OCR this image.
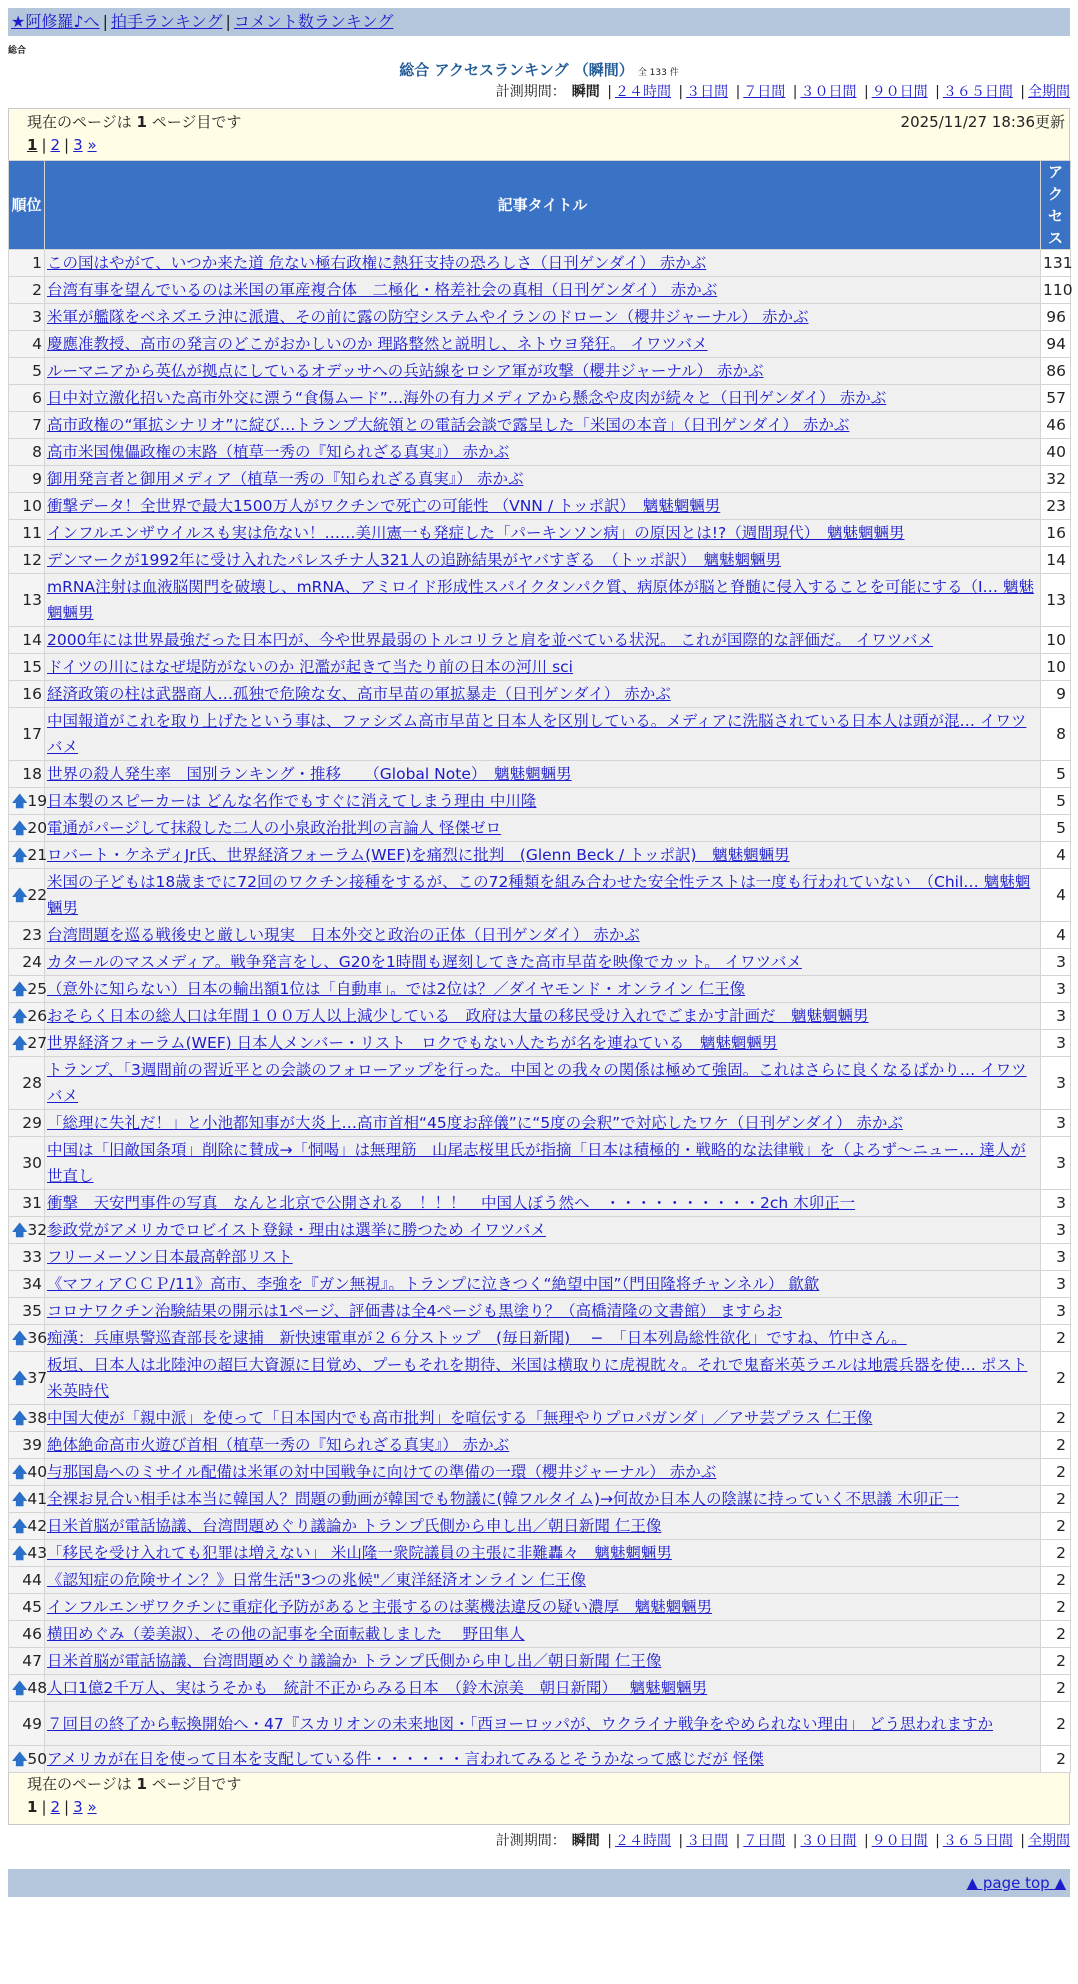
★阿修羅♪へ | 拍手ランキング | コメント数ランキング
総合
総合 アクセスランキング （瞬間） 全 133 件
計測期間： 瞬間 | ２４時間 | ３日間 | ７日間 | ３０日間 | ９０日間 | ３６５日間 | 全期間
現在のページは 1 ページ目です	2025/11/27 18:36更新
1 | 2 | 3 »
順位	記事タイトル	アクセス
1	この国はやがて、いつか来た道 危ない極右政権に熱狂支持の恐ろしさ（日刊ゲンダイ） 赤かぶ	131
2	台湾有事を望んでいるのは米国の軍産複合体　二極化・格差社会の真相（日刊ゲンダイ） 赤かぶ	110
3	米軍が艦隊をベネズエラ沖に派遣、その前に露の防空システムやイランのドローン（櫻井ジャーナル） 赤かぶ	96
4	慶應准教授、高市の発言のどこがおかしいのか 理路整然と説明し、ネトウヨ発狂。 イワツバメ	94
5	ルーマニアから英仏が拠点にしているオデッサへの兵站線をロシア軍が攻撃（櫻井ジャーナル） 赤かぶ	86
6	日中対立激化招いた高市外交に漂う“食傷ムード”…海外の有力メディアから懸念や皮肉が続々と（日刊ゲンダイ） 赤かぶ	57
7	高市政権の“軍拡シナリオ”に綻び…トランプ大統領との電話会談で露呈した「米国の本音」（日刊ゲンダイ） 赤かぶ	46
8	高市米国傀儡政権の末路（植草一秀の『知られざる真実』） 赤かぶ	40
9	御用発言者と御用メディア（植草一秀の『知られざる真実』） 赤かぶ	32
10	衝撃データ！全世界で最大1500万人がワクチンで死亡の可能性 （VNN / トッポ訳）　魑魅魍魎男	23
11	インフルエンザウイルスも実は危ない！……美川憲一も発症した「パーキンソン病」の原因とは!?（週間現代）　魑魅魍魎男	16
12	デンマークが1992年に受け入れたパレスチナ人321人の追跡結果がヤバすぎる　（トッポ訳）　魑魅魍魎男	14
13	mRNA注射は血液脳関門を破壊し、mRNA、アミロイド形成性スパイクタンパク質、病原体が脳と脊髄に侵入することを可能にする（I… 魑魅魍魎男	13
14	2000年には世界最強だった日本円が、今や世界最弱のトルコリラと肩を並べている状況。 これが国際的な評価だ。 イワツバメ	10
15	ドイツの川にはなぜ堤防がないのか 氾濫が起きて当たり前の日本の河川 sci	10
16	経済政策の柱は武器商人…孤独で危険な女、高市早苗の軍拡暴走（日刊ゲンダイ） 赤かぶ	9
17	中国報道がこれを取り上げたという事は、ファシズム高市早苗と日本人を区別している。メディアに洗脳されている日本人は頭が混… イワツバメ	8
18	世界の殺人発生率　国別ランキング・推移　　（Global Note）　魑魅魍魎男	5

🡅 19	日本製のスピーカーは どんな名作でもすぐに消えてしまう理由 中川隆	5

🡅 20	電通がパージして抹殺した二人の小泉政治批判の言論人 怪傑ゼロ	5

🡅 21	ロバート・ケネディJr氏、世界経済フォーラム(WEF)を痛烈に批判　(Glenn Beck / トッポ訳)　魑魅魍魎男	4

🡅 22	米国の子どもは18歳までに72回のワクチン接種をするが、この72種類を組み合わせた安全性テストは一度も行われていない　（Chil… 魑魅魍魎男	4
23	台湾問題を巡る戦後史と厳しい現実　日本外交と政治の正体（日刊ゲンダイ） 赤かぶ	4
24	カタールのマスメディア。戦争発言をし、G20を1時間も遅刻してきた高市早苗を映像でカット。 イワツバメ	3

🡅 25	（意外に知らない）日本の輸出額1位は「自動車」。では2位は？／ダイヤモンド・オンライン 仁王像	3

🡅 26	おそらく日本の総人口は年間１００万人以上減少している　政府は大量の移民受け入れでごまかす計画だ　魑魅魍魎男	3

🡅 27	世界経済フォーラム(WEF) 日本人メンバー・リスト　ロクでもない人たちが名を連ねている　魑魅魍魎男	3
28	トランプ、「3週間前の習近平との会談のフォローアップを行った。中国との我々の関係は極めて強固。これはさらに良くなるばかり… イワツバメ	3
29	「総理に失礼だ！」と小池都知事が大炎上…高市首相“45度お辞儀”に“5度の会釈”で対応したワケ（日刊ゲンダイ） 赤かぶ	3
30	中国は「旧敵国条項」削除に賛成→「恫喝」は無理筋　山尾志桜里氏が指摘「日本は積極的・戦略的な法律戦」を（よろず〜ニュー… 達人が世直し	3
31	衝撃　天安門事件の写真　なんと北京で公開される　！！！　中国人ぼう然へ　・・・・・・・・・・2ch 木卯正一	3

🡅 32	参政党がアメリカでロビイスト登録・理由は選挙に勝つため イワツバメ	3
33	フリーメーソン日本最高幹部リスト	3
34	《マフィアＣＣＰ/11》高市、李強を『ガン無視』。トランプに泣きつく“絶望中国”（門田隆将チャンネル） 歙歙	3
35	コロナワクチン治験結果の開示は1ページ、評価書は全4ページも黒塗り？（高橋清隆の文書館） ますらお	3

🡅 36	痴漢：兵庫県警巡査部長を逮捕　新快速電車が２６分ストップ　(毎日新聞)　 −　「日本列島総性欲化」ですね、竹中さん。	2

🡅 37	板垣、日本人は北陸沖の超巨大資源に目覚め、プーもそれを期待、米国は横取りに虎視眈々。それで鬼畜米英ラエルは地震兵器を使… ポスト米英時代	2

🡅 38	中国大使が「親中派」を使って「日本国内でも高市批判」を喧伝する「無理やりプロパガンダ」／アサ芸プラス 仁王像	2
39	絶体絶命高市火遊び首相（植草一秀の『知られざる真実』） 赤かぶ	2

🡅 40	与那国島へのミサイル配備は米軍の対中国戦争に向けての準備の一環（櫻井ジャーナル） 赤かぶ	2

🡅 41	全裸お見合い相手は本当に韓国人？問題の動画が韓国でも物議に(韓フルタイム)→何故か日本人の陰謀に持っていく不思議 木卯正一	2

🡅 42	日米首脳が電話協議、台湾問題めぐり議論か トランプ氏側から申し出／朝日新聞 仁王像	2

🡅 43	「移民を受け入れても犯罪は増えない」 米山隆一衆院議員の主張に非難轟々　魑魅魍魎男	2
44	《認知症の危険サイン？》日常生活"3つの兆候"／東洋経済オンライン 仁王像	2
45	インフルエンザワクチンに重症化予防があると主張するのは薬機法違反の疑い濃厚　魑魅魍魎男	2
46	横田めぐみ（姜美淑）、その他の記事を全面転載しました　 野田隼人	2
47	日米首脳が電話協議、台湾問題めぐり議論か トランプ氏側から申し出／朝日新聞 仁王像	2

🡅 48	人口1億2千万人、実はうそかも　統計不正からみる日本　（鈴木涼美　朝日新聞）　 魑魅魍魎男	2
49	７回目の終了から転換開始へ・47『スカリオンの未来地図・「西ヨーロッパが、ウクライナ戦争をやめられない理由」 どう思われますか	2

🡅 50	アメリカが在日を使って日本を支配している件・・・・・・言われてみるとそうかなって感じだが 怪傑	2
現在のページは 1 ページ目です
1 | 2 | 3 »
計測期間： 瞬間 | ２４時間 | ３日間 | ７日間 | ３０日間 | ９０日間 | ３６５日間 | 全期間
▲ page top ▲
